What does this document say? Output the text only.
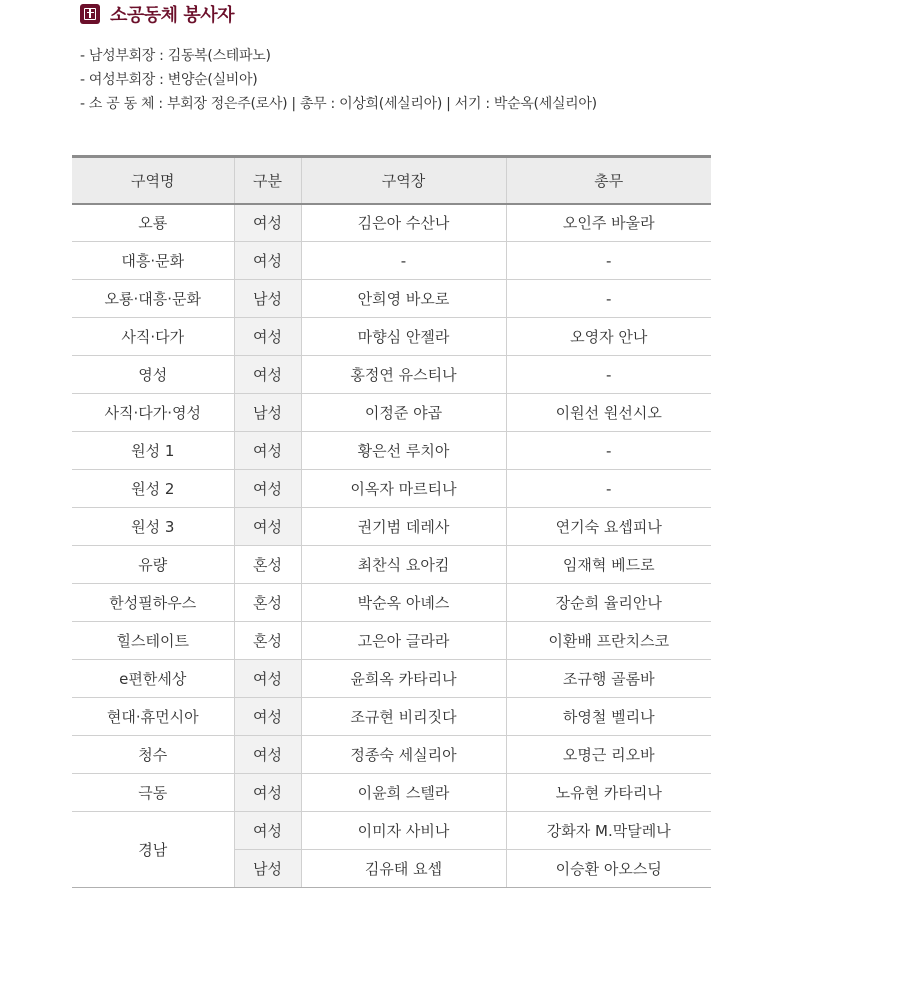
소공동체 봉사자
- 남성부회장 : 김동복(스테파노)
- 여성부회장 : 변양순(실비아)
- 소 공 동 체 : 부회장 정은주(로사) | 총무 : 이상희(세실리아) | 서기 : 박순옥(세실리아)
구역명	구분	구역장	총무
오룡	여성	김은아 수산나	오인주 바울라
대흥·문화	여성	-	-
오룡·대흥·문화	남성	안희영 바오로	-
사직·다가	여성	마향심 안젤라	오영자 안나
영성	여성	홍정연 유스티나	-
사직·다가·영성	남성	이정준 야곱	이원선 원선시오
원성 1	여성	황은선 루치아	-
원성 2	여성	이옥자 마르티나	-
원성 3	여성	권기범 데레사	연기숙 요셉피나
유량	혼성	최찬식 요아킴	임재혁 베드로
한성필하우스	혼성	박순옥 아녜스	장순희 율리안나
힐스테이트	혼성	고은아 글라라	이환배 프란치스코
e편한세상	여성	윤희옥 카타리나	조규행 골롬바
현대·휴먼시아	여성	조규현 비리짓다	하영철 벨리나
청수	여성	정종숙 세실리아	오명근 리오바
극동	여성	이윤희 스텔라	노유현 카타리나
경남	여성	이미자 사비나	강화자 M.막달레나
	남성	김유태 요셉	이승환 아오스딩
